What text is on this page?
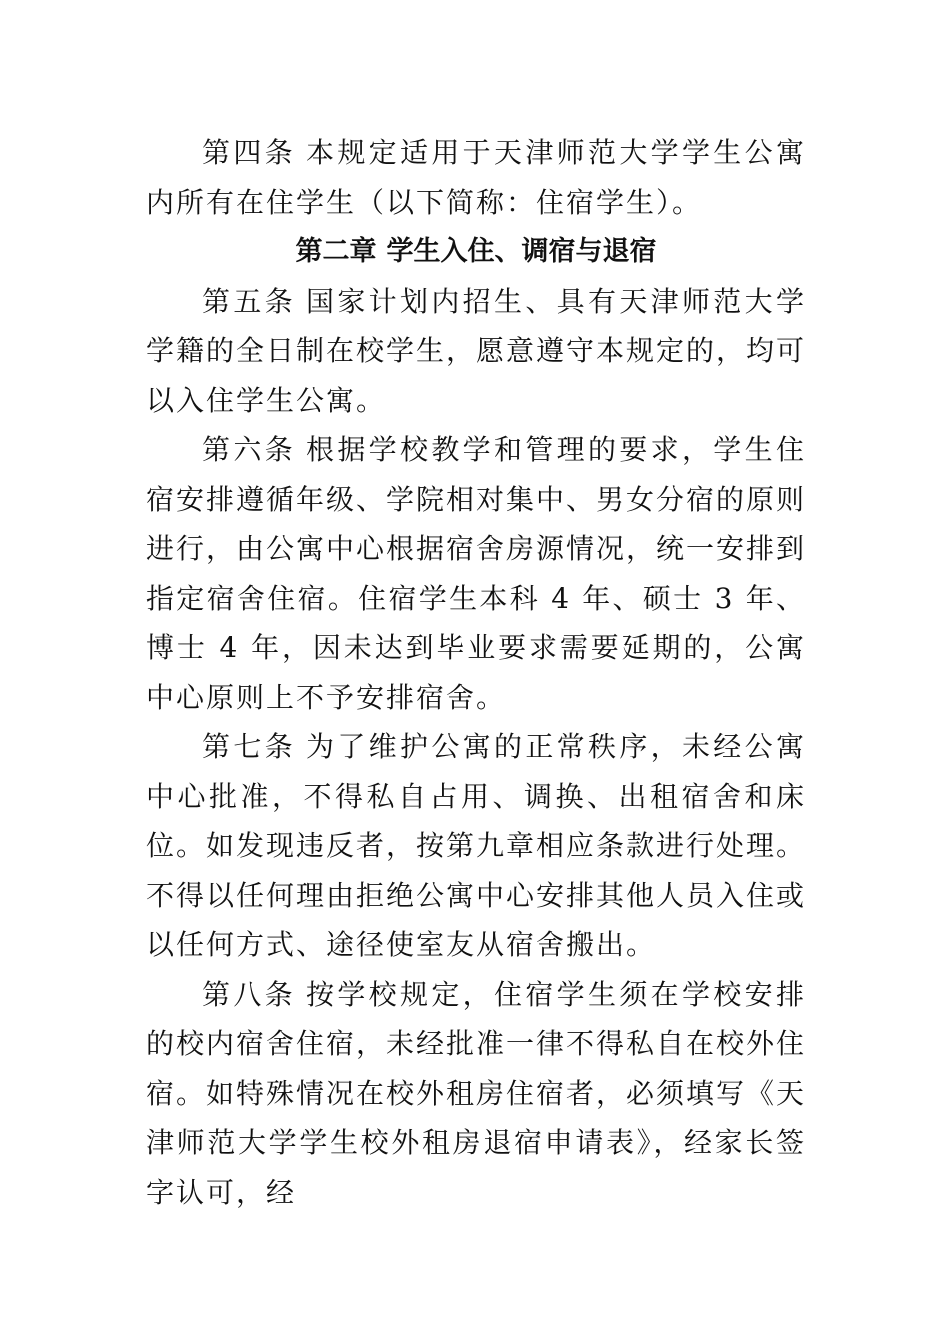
第四条 本规定适用于天津师范大学学生公寓内所有在住学生（以下简称：住宿学生）。

第二章 学生入住、调宿与退宿

第五条 国家计划内招生、具有天津师范大学学籍的全日制在校学生，愿意遵守本规定的，均可以入住学生公寓。

第六条 根据学校教学和管理的要求，学生住宿安排遵循年级、学院相对集中、男女分宿的原则进行，由公寓中心根据宿舍房源情况，统一安排到指定宿舍住宿。住宿学生本科 4 年、硕士 3 年、博士 4 年，因未达到毕业要求需要延期的，公寓中心原则上不予安排宿舍。

第七条 为了维护公寓的正常秩序，未经公寓中心批准，不得私自占用、调换、出租宿舍和床位。如发现违反者，按第九章相应条款进行处理。不得以任何理由拒绝公寓中心安排其他人员入住或以任何方式、途径使室友从宿舍搬出。

第八条 按学校规定，住宿学生须在学校安排的校内宿舍住宿，未经批准一律不得私自在校外住宿。如特殊情况在校外租房住宿者，必须填写《天津师范大学学生校外租房退宿申请表》，经家长签字认可，经
